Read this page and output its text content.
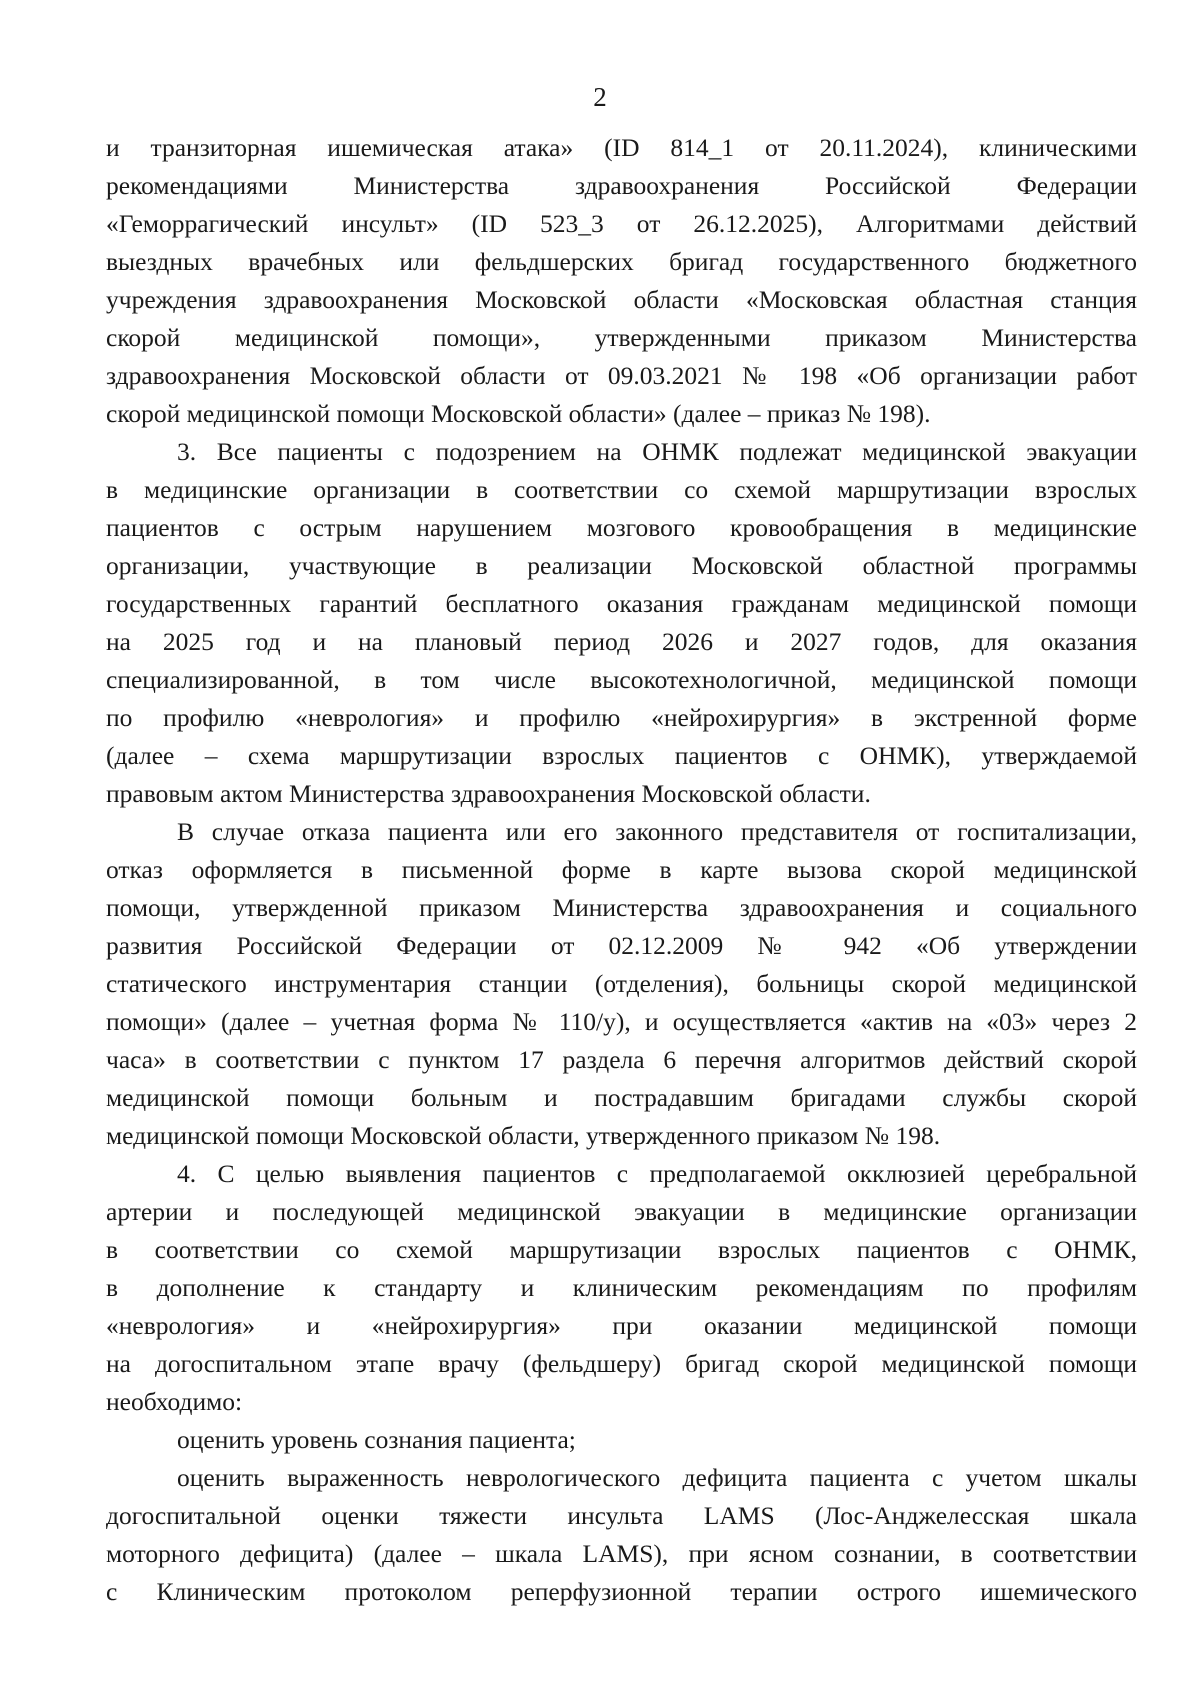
2
и транзиторная ишемическая атака» (ID 814_1 от 20.11.2024), клиническими
рекомендациями Министерства здравоохранения Российской Федерации
«Геморрагический инсульт» (ID 523_3 от 26.12.2025), Алгоритмами действий
выездных врачебных или фельдшерских бригад государственного бюджетного
учреждения здравоохранения Московской области «Московская областная станция
скорой медицинской помощи», утвержденными приказом Министерства
здравоохранения Московской области от 09.03.2021 № 198 «Об организации работ
скорой медицинской помощи Московской области» (далее – приказ № 198).
3. Все пациенты с подозрением на ОНМК подлежат медицинской эвакуации
в медицинские организации в соответствии со схемой маршрутизации взрослых
пациентов с острым нарушением мозгового кровообращения в медицинские
организации, участвующие в реализации Московской областной программы
государственных гарантий бесплатного оказания гражданам медицинской помощи
на 2025 год и на плановый период 2026 и 2027 годов, для оказания
специализированной, в том числе высокотехнологичной, медицинской помощи
по профилю «неврология» и профилю «нейрохирургия» в экстренной форме
(далее – схема маршрутизации взрослых пациентов с ОНМК), утверждаемой
правовым актом Министерства здравоохранения Московской области.
В случае отказа пациента или его законного представителя от госпитализации,
отказ оформляется в письменной форме в карте вызова скорой медицинской
помощи, утвержденной приказом Министерства здравоохранения и социального
развития Российской Федерации от 02.12.2009 № 942 «Об утверждении
статического инструментария станции (отделения), больницы скорой медицинской
помощи» (далее – учетная форма № 110/у), и осуществляется «актив на «03» через 2
часа» в соответствии с пунктом 17 раздела 6 перечня алгоритмов действий скорой
медицинской помощи больным и пострадавшим бригадами службы скорой
медицинской помощи Московской области, утвержденного приказом № 198.
4. С целью выявления пациентов с предполагаемой окклюзией церебральной
артерии и последующей медицинской эвакуации в медицинские организации
в соответствии со схемой маршрутизации взрослых пациентов с ОНМК,
в дополнение к стандарту и клиническим рекомендациям по профилям
«неврология» и «нейрохирургия» при оказании медицинской помощи
на догоспитальном этапе врачу (фельдшеру) бригад скорой медицинской помощи
необходимо:
оценить уровень сознания пациента;
оценить выраженность неврологического дефицита пациента с учетом шкалы
догоспитальной оценки тяжести инсульта LAMS (Лос-Анджелесская шкала
моторного дефицита) (далее – шкала LAMS), при ясном сознании, в соответствии
с Клиническим протоколом реперфузионной терапии острого ишемического
